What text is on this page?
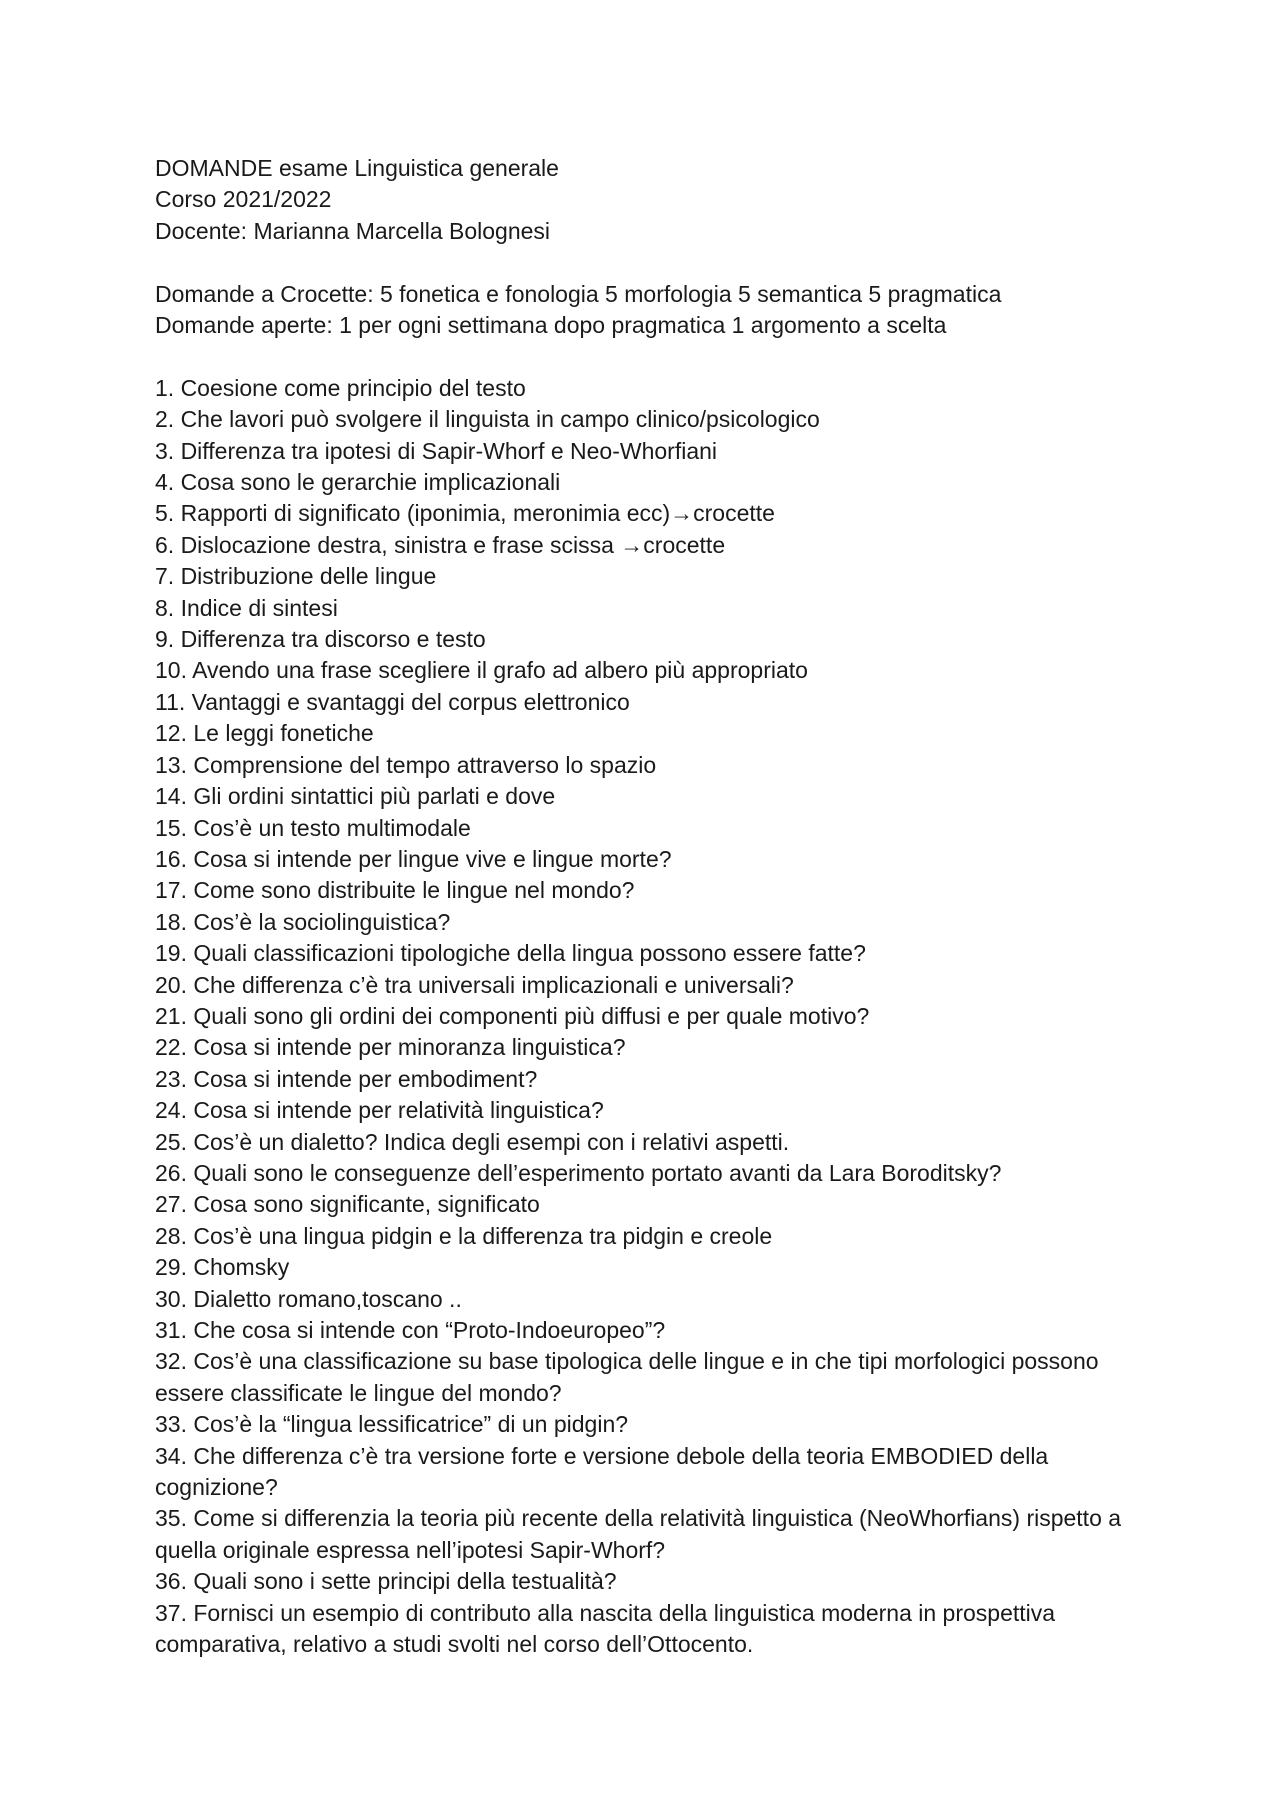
DOMANDE esame Linguistica generale

Corso 2021/2022

Docente: Marianna Marcella Bolognesi

Domande a Crocette: 5 fonetica e fonologia 5 morfologia 5 semantica 5 pragmatica

Domande aperte: 1 per ogni settimana dopo pragmatica 1 argomento a scelta

1. Coesione come principio del testo
2. Che lavori può svolgere il linguista in campo clinico/psicologico
3. Differenza tra ipotesi di Sapir-Whorf e Neo-Whorfiani
4. Cosa sono le gerarchie implicazionali
5. Rapporti di significato (iponimia, meronimia ecc)→crocette
6. Dislocazione destra, sinistra e frase scissa →crocette
7. Distribuzione delle lingue
8. Indice di sintesi
9. Differenza tra discorso e testo
10. Avendo una frase scegliere il grafo ad albero più appropriato
11. Vantaggi e svantaggi del corpus elettronico
12. Le leggi fonetiche
13. Comprensione del tempo attraverso lo spazio
14. Gli ordini sintattici più parlati e dove
15. Cos’è un testo multimodale
16. Cosa si intende per lingue vive e lingue morte?
17. Come sono distribuite le lingue nel mondo?
18. Cos’è la sociolinguistica?
19. Quali classificazioni tipologiche della lingua possono essere fatte?
20. Che differenza c’è tra universali implicazionali e universali?
21. Quali sono gli ordini dei componenti più diffusi e per quale motivo?
22. Cosa si intende per minoranza linguistica?
23. Cosa si intende per embodiment?
24. Cosa si intende per relatività linguistica?
25. Cos’è un dialetto? Indica degli esempi con i relativi aspetti.
26. Quali sono le conseguenze dell’esperimento portato avanti da Lara Boroditsky?
27. Cosa sono significante, significato
28. Cos’è una lingua pidgin e la differenza tra pidgin e creole
29. Chomsky
30. Dialetto romano,toscano ..
31. Che cosa si intende con “Proto-Indoeuropeo”?
32. Cos’è una classificazione su base tipologica delle lingue e in che tipi morfologici possono essere classificate le lingue del mondo?
33. Cos’è la “lingua lessificatrice” di un pidgin?
34. Che differenza c’è tra versione forte e versione debole della teoria EMBODIED della cognizione?
35. Come si differenzia la teoria più recente della relatività linguistica (NeoWhorfians) rispetto a quella originale espressa nell’ipotesi Sapir-Whorf?
36. Quali sono i sette principi della testualità?
37. Fornisci un esempio di contributo alla nascita della linguistica moderna in prospettiva comparativa, relativo a studi svolti nel corso dell’Ottocento.
